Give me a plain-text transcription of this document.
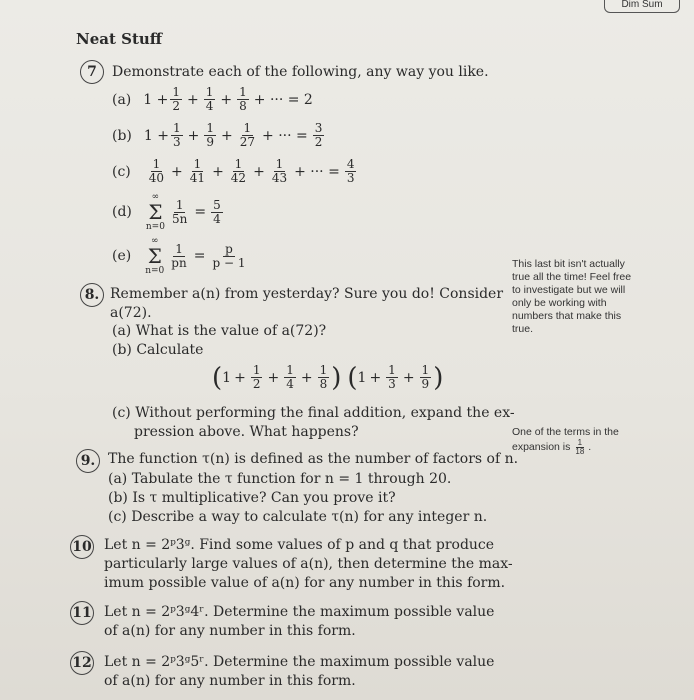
Dim Sum
Neat Stuff
7	Demonstrate each of the following, any way you like.
(a) $1 + \frac{1}{2} + \frac{1}{4} + \frac{1}{8}$ + ··· = 2
(b) $1 + \frac{1}{3} + \frac{1}{9} + \frac{1}{27}$ + ··· = $\frac{3}{2}$
$(c) \frac{1}{40} + \frac{1}{41} + \frac{1}{42} + \frac{1}{43}$ + ··· = $\frac{4}{3}$
(d)
∞
Σ
n=0
$\frac{1}{5n} = \frac{5}{4}$
(e)
∞
Σ
n=0
$\frac{1}{pn} = \frac{p}{p - 1}$	This last bit isn't actually
true all the time! Feel free
to investigate but we will
only be working with
numbers that make this
true.
8. Remember a(n) from yesterday? Sure you do! Consider
a(72).
(a) What is the value of a(72)?
(b) Calculate
( $1 + \frac{1}{2} + \frac{1}{4} + \frac{1}{8}$ ) ( $1 + \frac{1}{3} + \frac{1}{9}$ )
(c) Without performing the final addition, expand the ex-
pression above. What happens?	One of the terms in the
expansion is $\frac{1}{18}$ .
9. The function τ(n) is defined as the number of factors of n.
(a) Tabulate the τ function for n = 1 through 20.
(b) Is τ multiplicative? Can you prove it?
(c) Describe a way to calculate τ(n) for any integer n.
10 Let n = 2ᵖ3ᵍ. Find some values of p and q that produce
particularly large values of a(n), then determine the max-
imum possible value of a(n) for any number in this form.
11 Let n = 2ᵖ3ᵍ4ʳ. Determine the maximum possible value
of a(n) for any number in this form.
12 Let n = 2ᵖ3ᵍ5ʳ. Determine the maximum possible value
of a(n) for any number in this form.
